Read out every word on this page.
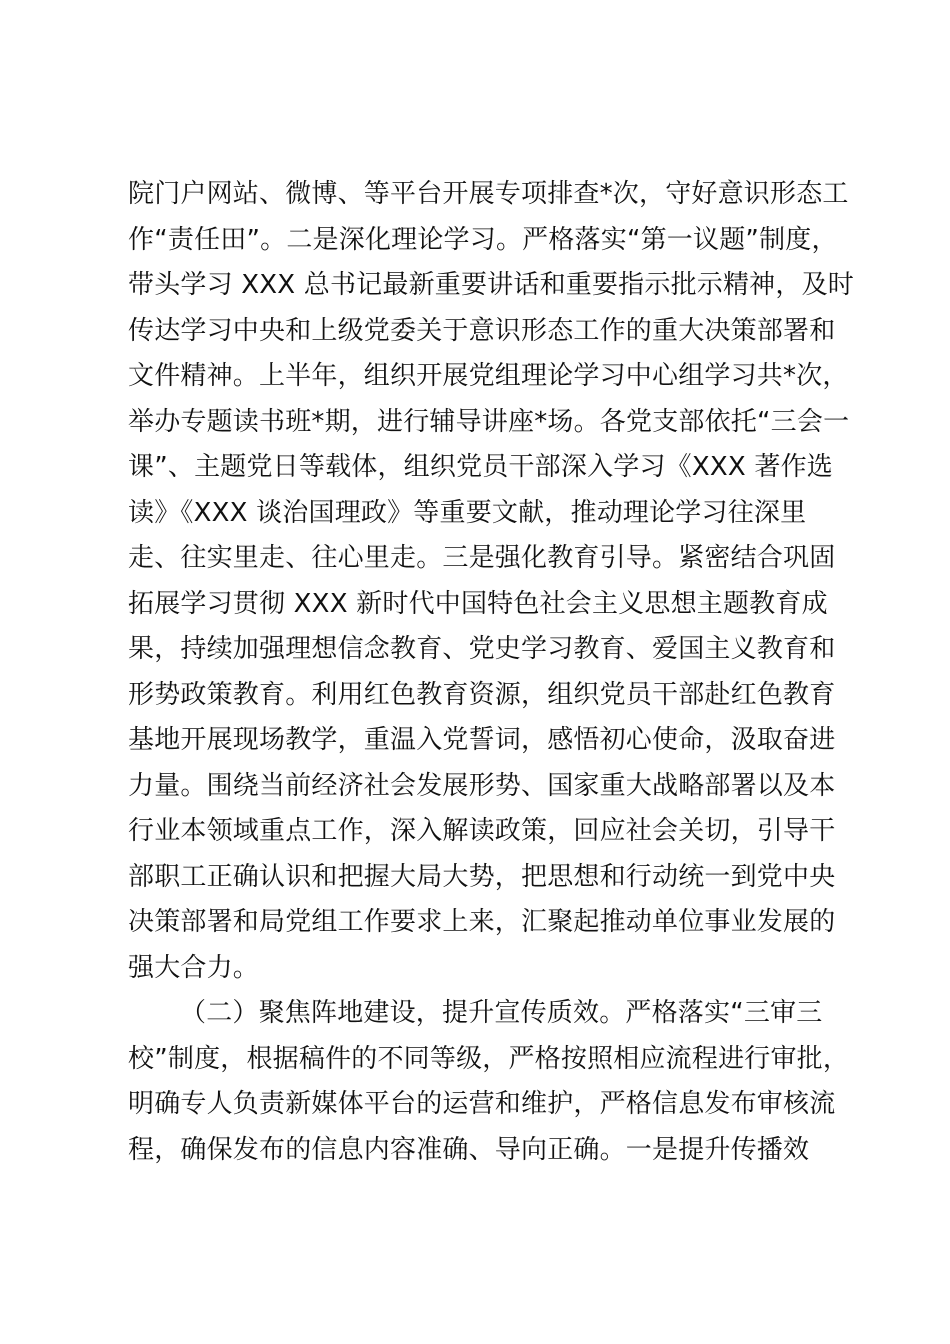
院门户网站、微博、等平台开展专项排查*次，守好意识形态工
作“责任田”。二是深化理论学习。严格落实“第一议题”制度，
带头学习 XXX 总书记最新重要讲话和重要指示批示精神，及时
传达学习中央和上级党委关于意识形态工作的重大决策部署和
文件精神。上半年，组织开展党组理论学习中心组学习共*次，
举办专题读书班*期，进行辅导讲座*场。各党支部依托“三会一
课”、主题党日等载体，组织党员干部深入学习《XXX 著作选
读》《XXX 谈治国理政》等重要文献，推动理论学习往深里
走、往实里走、往心里走。三是强化教育引导。紧密结合巩固
拓展学习贯彻 XXX 新时代中国特色社会主义思想主题教育成
果，持续加强理想信念教育、党史学习教育、爱国主义教育和
形势政策教育。利用红色教育资源，组织党员干部赴红色教育
基地开展现场教学，重温入党誓词，感悟初心使命，汲取奋进
力量。围绕当前经济社会发展形势、国家重大战略部署以及本
行业本领域重点工作，深入解读政策，回应社会关切，引导干
部职工正确认识和把握大局大势，把思想和行动统一到党中央
决策部署和局党组工作要求上来，汇聚起推动单位事业发展的
强大合力。
（二）聚焦阵地建设，提升宣传质效。严格落实“三审三
校”制度，根据稿件的不同等级，严格按照相应流程进行审批，
明确专人负责新媒体平台的运营和维护，严格信息发布审核流
程，确保发布的信息内容准确、导向正确。一是提升传播效
